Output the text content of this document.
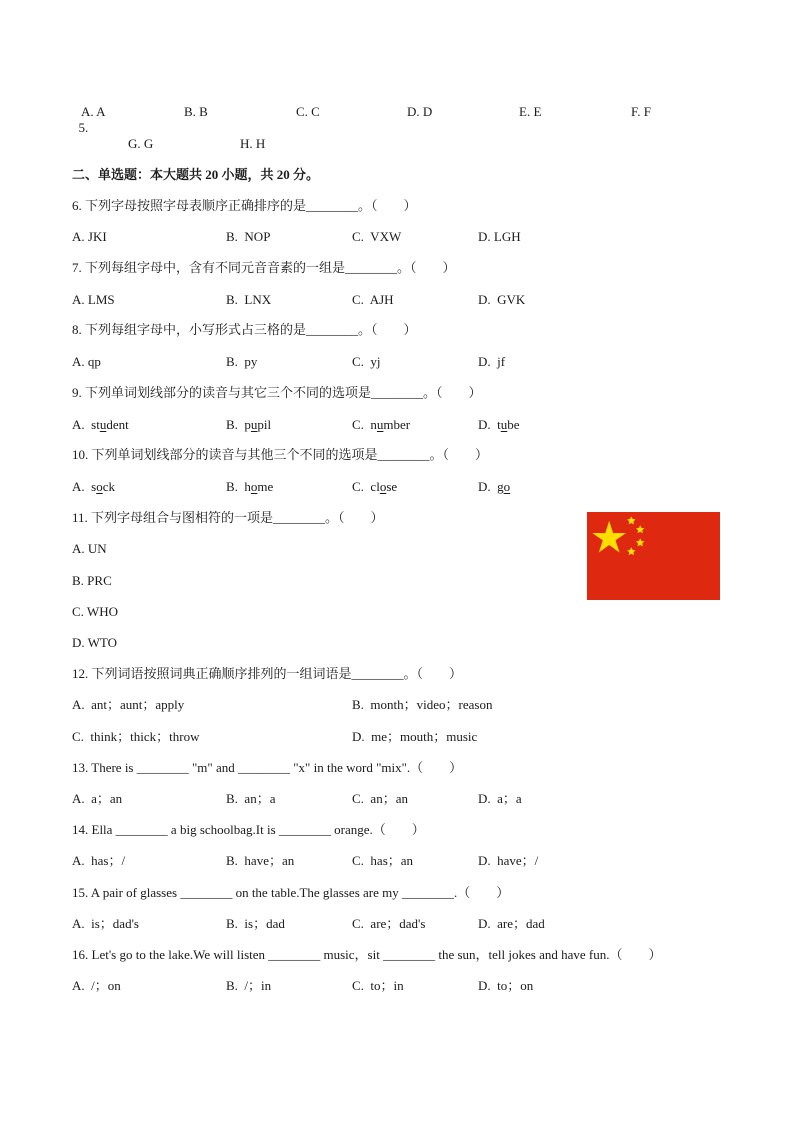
5.

A. A	B. B	C. C	D. D	E. E	F. F
G. G	H. H
二、单选题：本大题共 20 小题，共 20 分。
6. 下列字母按照字母表顺序正确排序的是________。（　　）
A. JKI	B.  NOP	C.  VXW	D. LGH
7. 下列每组字母中，含有不同元音音素的一组是________。（　　）
A. LMS	B.  LNX	C.  AJH	D.  GVK
8. 下列每组字母中，小写形式占三格的是________。（　　）
A. qp	B.  py	C.  yj	D.  jf
9. 下列单词划线部分的读音与其它三个不同的选项是________。（　　）
A.  student	B.  pupil	C.  number	D.  tube
10. 下列单词划线部分的读音与其他三个不同的选项是________。（　　）
A.  sock	B.  home	C.  close	D.  go
11. 下列字母组合与图相符的一项是________。（　　）
A. UN
B. PRC
C. WHO
D. WTO
12. 下列词语按照词典正确顺序排列的一组词语是________。（　　）
A.  ant；aunt；apply	B.  month；video；reason
C.  think；thick；throw	D.  me；mouth；music
13. There is ________ "m" and ________ "x" in the word "mix".（　　）
A.  a；an	B.  an；a	C.  an；an	D.  a；a
14. Ella ________ a big schoolbag.It is ________ orange.（　　）
A.  has；/	B.  have；an	C.  has；an	D.  have；/
15. A pair of glasses ________ on the table.The glasses are my ________.（　　）
A.  is；dad's	B.  is；dad	C.  are；dad's	D.  are；dad
16. Let's go to the lake.We will listen ________ music，sit ________ the sun，tell jokes and have fun.（　　）
A.  /；on	B.  /；in	C.  to；in	D.  to；on
